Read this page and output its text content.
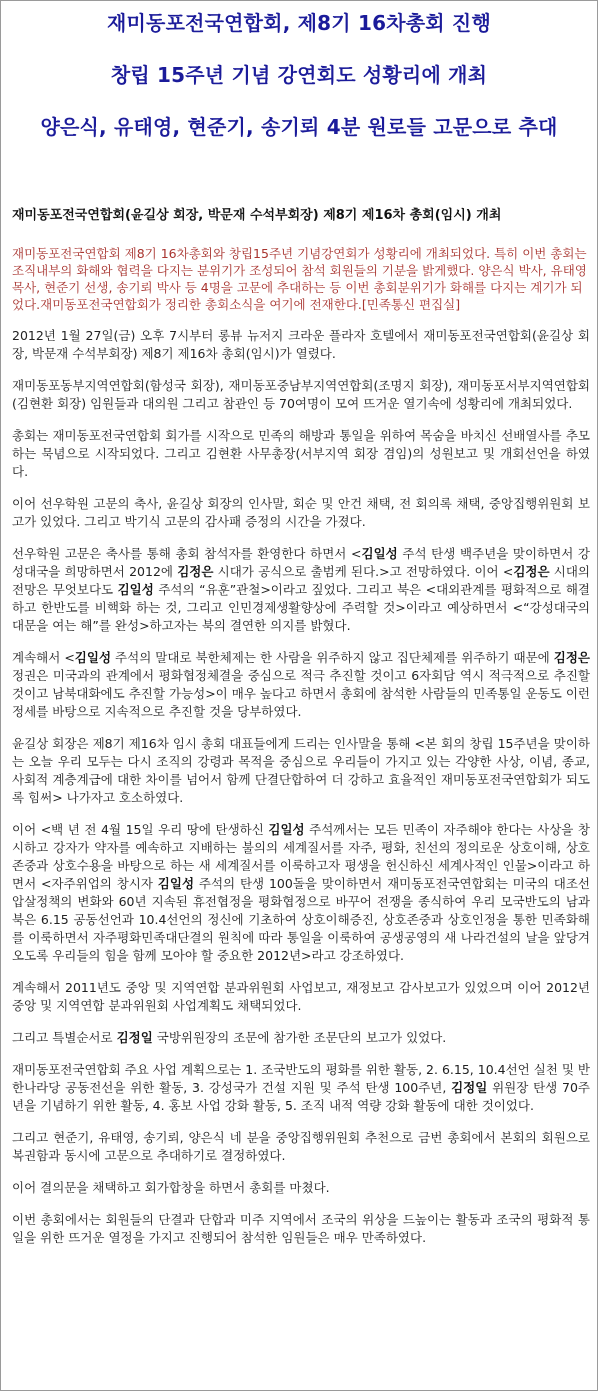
재미동포전국연합회, 제8기 16차총회 진행

창립 15주년 기념 강연회도 성황리에 개최

양은식, 유태영, 현준기, 송기뢰 4분 원로들 고문으로 추대

재미동포전국연합회(윤길상 회장, 박문재 수석부회장) 제8기 제16차 총회(임시) 개최

재미동포전국연합회 제8기 16차총회와 창립15주년 기념강연회가 성황리에 개최되었다. 특히 이번 총회는 조직내부의 화해와 협력을 다지는 분위기가 조성되어 참석 회원들의 기분을 밝게했다. 양은식 박사, 유태영 목사, 현준기 선생, 송기뢰 박사 등 4명을 고문에 추대하는 등 이번 총회분위기가 화해를 다지는 계기가 되었다.재미동포전국연합회가 정리한 총회소식을 여기에 전재한다.[민족통신 편집실]

2012년 1월 27일(금) 오후 7시부터 롱뷰 뉴저지 크라운 플라자 호텔에서 재미동포전국연합회(윤길상 회장, 박문재 수석부회장) 제8기 제16차 총회(임시)가 열렸다.

재미동포동부지역연합회(함성국 회장), 재미동포중남부지역연합회(조명지 회장), 재미동포서부지역연합회(김현환 회장) 임원들과 대의원 그리고 참관인 등 70여명이 모여 뜨거운 열기속에 성황리에 개최되었다.

총회는 재미동포전국연합회 회가를 시작으로 민족의 해방과 통일을 위하여 목숨을 바치신 선배열사를 추모하는 묵념으로 시작되었다. 그리고 김현환 사무총장(서부지역 회장 겸임)의 성원보고 및 개회선언을 하였다.

이어 선우학원 고문의 축사, 윤길상 회장의 인사말, 회순 및 안건 채택, 전 회의록 채택, 중앙집행위원회 보고가 있었다. 그리고 박기식 고문의 감사패 증정의 시간을 가졌다.

선우학원 고문은 축사를 통해 총회 참석자를 환영한다 하면서 <김일성 주석 탄생 백주년을 맞이하면서 강성대국을 희망하면서 2012에 김정은 시대가 공식으로 출범케 된다.>고 전망하였다. 이어 <김정은 시대의 전망은 무엇보다도 김일성 주석의 “유훈”관철>이라고 짚었다. 그리고 북은 <대외관계를 평화적으로 해결하고 한반도를 비핵화 하는 것, 그리고 인민경제생활향상에 주력할 것>이라고 예상하면서 <“강성대국의 대문을 여는 해”를 완성>하고자는 북의 결연한 의지를 밝혔다.

계속해서 <김일성 주석의 말대로 북한체제는 한 사람을 위주하지 않고 집단체제를 위주하기 때문에 김정은 정권은 미국과의 관계에서 평화협정체결을 중심으로 적극 추진할 것이고 6자회담 역시 적극적으로 추진할 것이고 남북대화에도 추진할 가능성>이 매우 높다고 하면서 총회에 참석한 사람들의 민족통일 운동도 이런 정세를 바탕으로 지속적으로 추진할 것을 당부하였다.

윤길상 회장은 제8기 제16차 임시 총회 대표들에게 드리는 인사말을 통해 <본 회의 창립 15주년을 맞이하는 오늘 우리 모두는 다시 조직의 강령과 목적을 중심으로 우리들이 가지고 있는 각양한 사상, 이념, 종교, 사회적 계층계급에 대한 차이를 넘어서 함께 단결단합하여 더 강하고 효율적인 재미동포전국연합회가 되도록 힘써> 나가자고 호소하였다.

이어 <백 년 전 4월 15일 우리 땅에 탄생하신 김일성 주석께서는 모든 민족이 자주해야 한다는 사상을 창시하고 강자가 약자를 예속하고 지배하는 불의의 세계질서를 자주, 평화, 친선의 정의로운 상호이해, 상호존중과 상호수용을 바탕으로 하는 새 세계질서를 이룩하고자 평생을 헌신하신 세계사적인 인물>이라고 하면서 <자주위업의 창시자 김일성 주석의 탄생 100돌을 맞이하면서 재미동포전국연합회는 미국의 대조선압살정책의 변화와 60년 지속된 휴전협정을 평화협정으로 바꾸어 전쟁을 종식하여 우리 모국반도의 남과 북은 6.15 공동선언과 10.4선언의 정신에 기초하여 상호이해증진, 상호존중과 상호인정을 통한 민족화해를 이룩하면서 자주평화민족대단결의 원칙에 따라 통일을 이룩하여 공생공영의 새 나라건설의 날을 앞당겨 오도록 우리들의 힘을 함께 모아야 할 중요한 2012년>라고 강조하였다.

계속해서 2011년도 중앙 및 지역연합 분과위원회 사업보고, 재정보고 감사보고가 있었으며 이어 2012년 중앙 및 지역연합 분과위원회 사업계획도 채택되었다.

그리고 특별순서로 김정일 국방위원장의 조문에 참가한 조문단의 보고가 있었다.

재미동포전국연합회 주요 사업 계획으로는 1. 조국반도의 평화를 위한 활동, 2. 6.15, 10.4선언 실천 및 반 한나라당 공동전선을 위한 활동, 3. 강성국가 건설 지원 및 주석 탄생 100주년, 김정일 위원장 탄생 70주년을 기념하기 위한 활동, 4. 홍보 사업 강화 활동, 5. 조직 내적 역량 강화 활동에 대한 것이었다.

그리고 현준기, 유태영, 송기뢰, 양은식 네 분을 중앙집행위원회 추천으로 금번 총회에서 본회의 회원으로 복권함과 동시에 고문으로 추대하기로 결정하였다.

이어 결의문을 채택하고 회가합창을 하면서 총회를 마쳤다.

이번 총회에서는 회원들의 단결과 단합과 미주 지역에서 조국의 위상을 드높이는 활동과 조국의 평화적 통일을 위한 뜨거운 열정을 가지고 진행되어 참석한 임원들은 매우 만족하였다.
